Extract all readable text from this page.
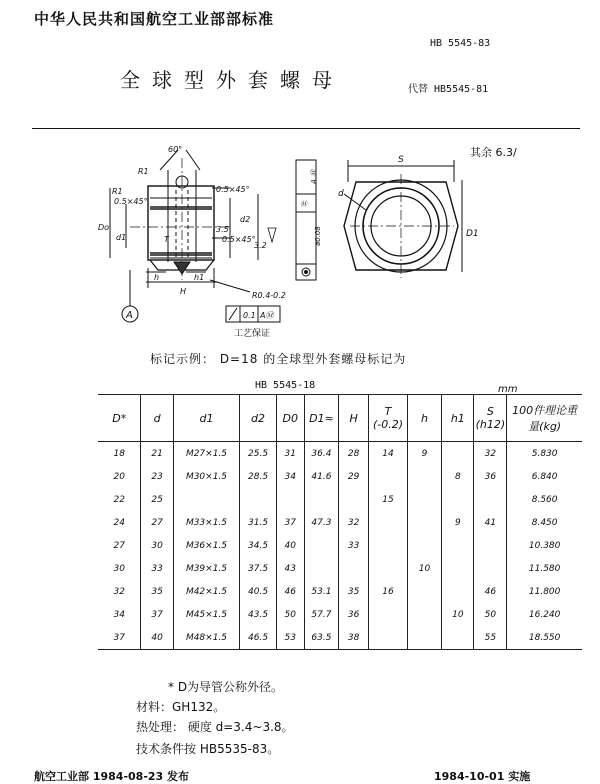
中华人民共和国航空工业部部标准
HB 5545-83
全球型外套螺母	代替 HB5545-81
其余 6.3/
R1
R1
60°
0.5×45°
0.5×45°
0.5×45°
Do
d1
d2
T
h	h1
H
3.5
3.2
R0.4-0.2
A Ⓜ
Ⓜ
⌀0.08
A	0.1 AⓂ
工艺保证
S
D1
d
标记示例： D=18 的全球型外套螺母标记为
HB 5545-18	mm
D*	d	d1	d2	D0	D1≈	H	T (-0.2)	h	h1	S (h12)	100件理论重量(kg)
18	21	M27×1.5	25.5	31	36.4	28	14	9		32	5.830
20	23	M30×1.5	28.5	34	41.6	29			8	36	6.840
22	25						15				8.560
24	27	M33×1.5	31.5	37	47.3	32			9	41	8.450
27	30	M36×1.5	34.5	40		33					10.380
30	33	M39×1.5	37.5	43				10			11.580
32	35	M42×1.5	40.5	46	53.1	35	16			46	11.800
34	37	M45×1.5	43.5	50	57.7	36			10	50	16.240
37	40	M48×1.5	46.5	53	63.5	38				55	18.550
* D为导管公称外径。
材料：GH132。
热处理： 硬度 d=3.4~3.8。
技术条件按 HB5535-83。
航空工业部 1984-08-23 发布	1984-10-01 实施
